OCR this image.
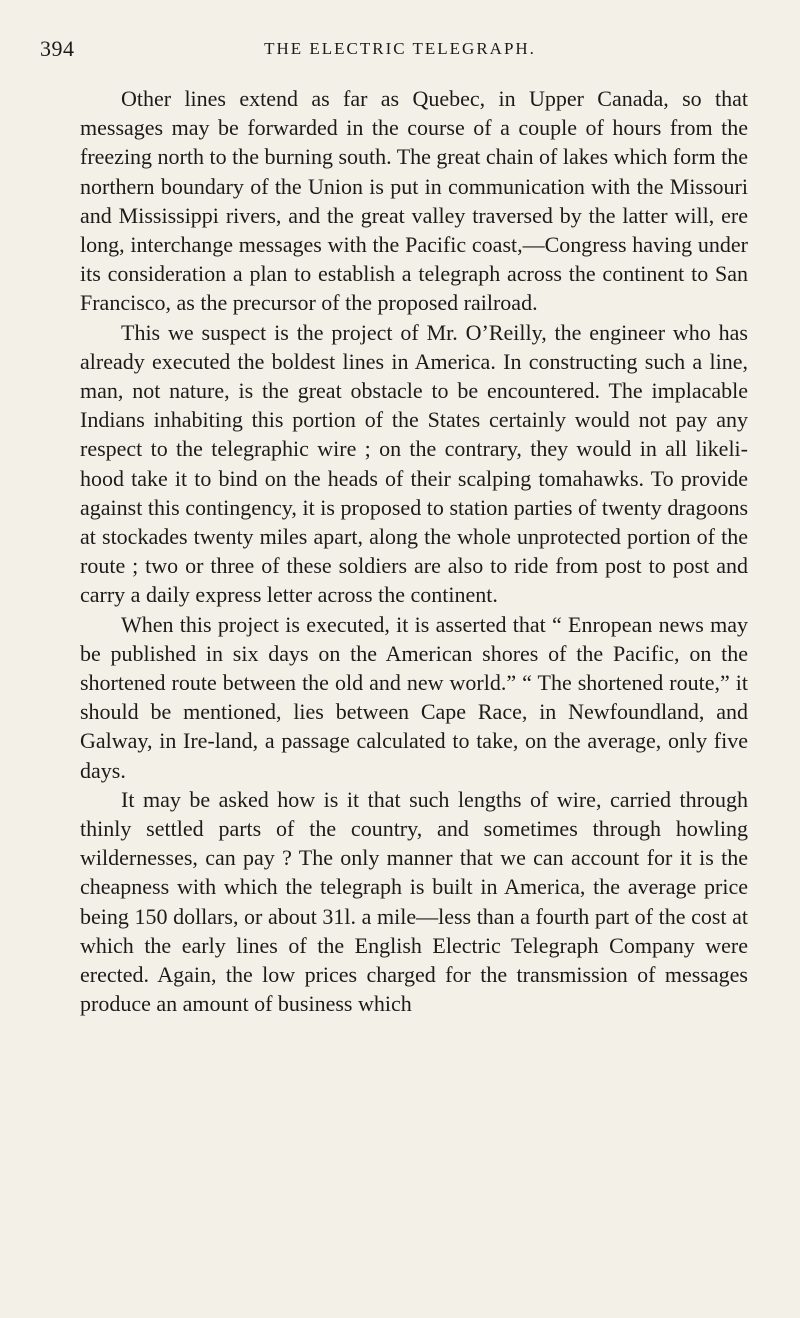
394	THE ELECTRIC TELEGRAPH.

Other lines extend as far as Quebec, in Upper Canada, so that messages may be forwarded in the course of a couple of hours from the freezing north to the burning south. The great chain of lakes which form the northern boundary of the Union is put in communication with the Missouri and Mississippi rivers, and the great valley traversed by the latter will, ere long, interchange messages with the Pacific coast,—Congress having under its consideration a plan to establish a telegraph across the continent to San Francisco, as the precursor of the proposed railroad.

This we suspect is the project of Mr. O’Reilly, the engineer who has already executed the boldest lines in America. In constructing such a line, man, not nature, is the great obstacle to be encountered. The implacable Indians inhabiting this portion of the States certainly would not pay any respect to the telegraphic wire ; on the contrary, they would in all likeli-hood take it to bind on the heads of their scalping tomahawks. To provide against this contingency, it is proposed to station parties of twenty dragoons at stockades twenty miles apart, along the whole unprotected portion of the route ; two or three of these soldiers are also to ride from post to post and carry a daily express letter across the continent.

When this project is executed, it is asserted that “ Enropean news may be published in six days on the American shores of the Pacific, on the shortened route between the old and new world.” “ The shortened route,” it should be mentioned, lies between Cape Race, in Newfoundland, and Galway, in Ire-land, a passage calculated to take, on the average, only five days.

It may be asked how is it that such lengths of wire, carried through thinly settled parts of the country, and sometimes through howling wildernesses, can pay ? The only manner that we can account for it is the cheapness with which the telegraph is built in America, the average price being 150 dollars, or about 31l. a mile—less than a fourth part of the cost at which the early lines of the English Electric Telegraph Company were erected. Again, the low prices charged for the transmission of messages produce an amount of business which
